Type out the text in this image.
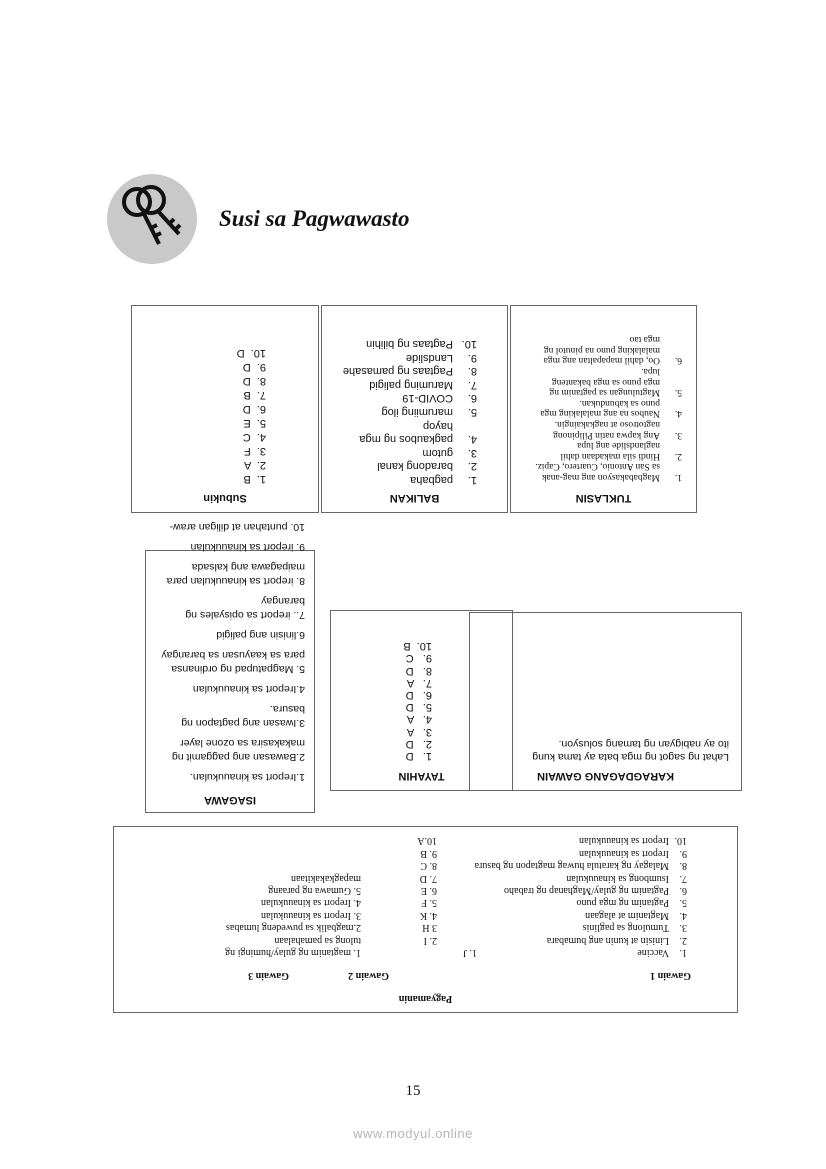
Susi sa Pagwawasto
Subukin
1.  B
2.  A
3.  F
4.  C
5.  E
6.  D
7.  B
8.  D
9.  D
10.  D
BALIKAN
1.
pagbaha
2.
baradong kanal
3.
gutom
4.
pagkaubos ng mga hayop
5.
marumiing ilog
6.
COVID-19
7.
Maruming paligid
8.
Pagtaas ng pamasahe
9.
Landslide
10.
Pagtaas ng bilihin
TUKLASIN
1.
Magbabakasyon ang mag-anak sa San Antonio, Cuartero, Capiz.
2.
Hindi sila makadaan dahil naglandslide ang lupa
3.
Ang kapwa natin Pilipinong nagtotroso at nagkakaingin.
4.
Naubos na ang malalaking mga puno sa kabundukan.
5.
Magtulungan sa pagtanim ng mga puno sa mga bakanteng lupa.
6.
Oo, dahil mapapaltan ang mga malalaking puno na pinutol ng mga tao
ISAGAWA
1.Ireport sa kinauukulan.
2.Bawasan ang paggamit ng makakasira sa ozone layer
3.Iwasan ang pagtapon ng basura.
4.Ireport sa kinauukulan
5. Magpatupad ng ordinansa para sa kaayusan sa barangay
6.linisin ang paligid
7.. ireport sa opisyales ng barangay
8. ireport sa kinauukulan para maipagawa ang kalsada
9. ireport sa kinauukulan
10. puntahan at diligan araw-
TAYAHIN
1.   D
2.   D
3.   A
4.   A
5.   D
6.   D
7.   A
8.   D
9.   C
10.  B
KARAGDAGANG GAWAIN
Lahat ng sagot ng mga bata ay tama kung ito ay nabigyan ng tamang solusyon.
Pagyamanin
Gawain 1
Gawain 2
Gawain 3
1.
Vaccine
2.
Linisin at kunin ang bumabara
3.
Tumulong sa paglinis
4.
Magtanim at alagaan
5.
Pagtanim ng mga puno
6.
Pagtanim ng gulay/Maghanap ng trabaho
7.
Isumbong sa kinauukulan
8.
Malagay ng karatula huwag magtapon ng basura
9.
Ireport sa kinauukulan
10.
Ireport sa kinauukulan
1. J
2. I
3 H
4. K
5. F
6. E
7. D
8. C
9. B
10.A
1. magtanim ng gulay/humingi ng
tulong sa pamahalaan
2.magbalik sa puwedeng lumabas
3. Ireport sa kinauukulan
4. Ireport sa kinauukulan
5. Gumawa ng paraang
mapagkakakitaan
15
www.modyul.online
